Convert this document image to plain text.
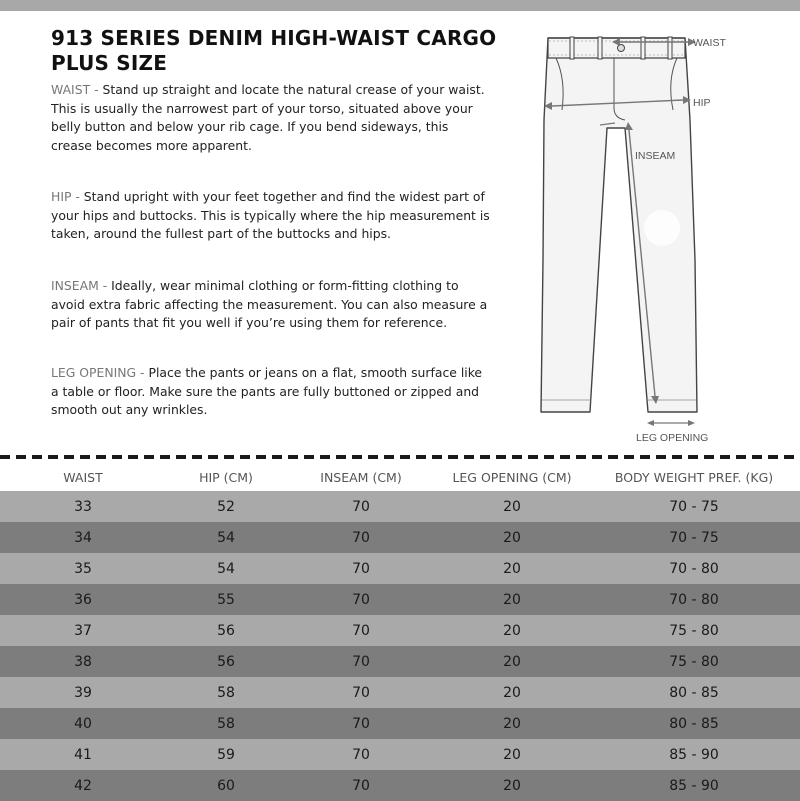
913 SERIES DENIM HIGH-WAIST CARGO
PLUS SIZE

WAIST - Stand up straight and locate the natural crease of your waist. This is usually the narrowest part of your torso, situated above your belly button and below your rib cage. If you bend sideways, this crease becomes more apparent.

HIP - Stand upright with your feet together and find the widest part of your hips and buttocks. This is typically where the hip measurement is taken, around the fullest part of the buttocks and hips.

INSEAM - Ideally, wear minimal clothing or form-fitting clothing to avoid extra fabric affecting the measurement. You can also measure a pair of pants that fit you well if you’re using them for reference.

LEG OPENING - Place the pants or jeans on a flat, smooth surface like a table or floor. Make sure the pants are fully buttoned or zipped and smooth out any wrinkles.

WAIST
HIP
INSEAM
LEG OPENING
WAIST	HIP (CM)	INSEAM (CM)	LEG OPENING (CM)	BODY WEIGHT PREF. (KG)
33	52	70	20	70 - 75
34	54	70	20	70 - 75
35	54	70	20	70 - 80
36	55	70	20	70 - 80
37	56	70	20	75 - 80
38	56	70	20	75 - 80
39	58	70	20	80 - 85
40	58	70	20	80 - 85
41	59	70	20	85 - 90
42	60	70	20	85 - 90
